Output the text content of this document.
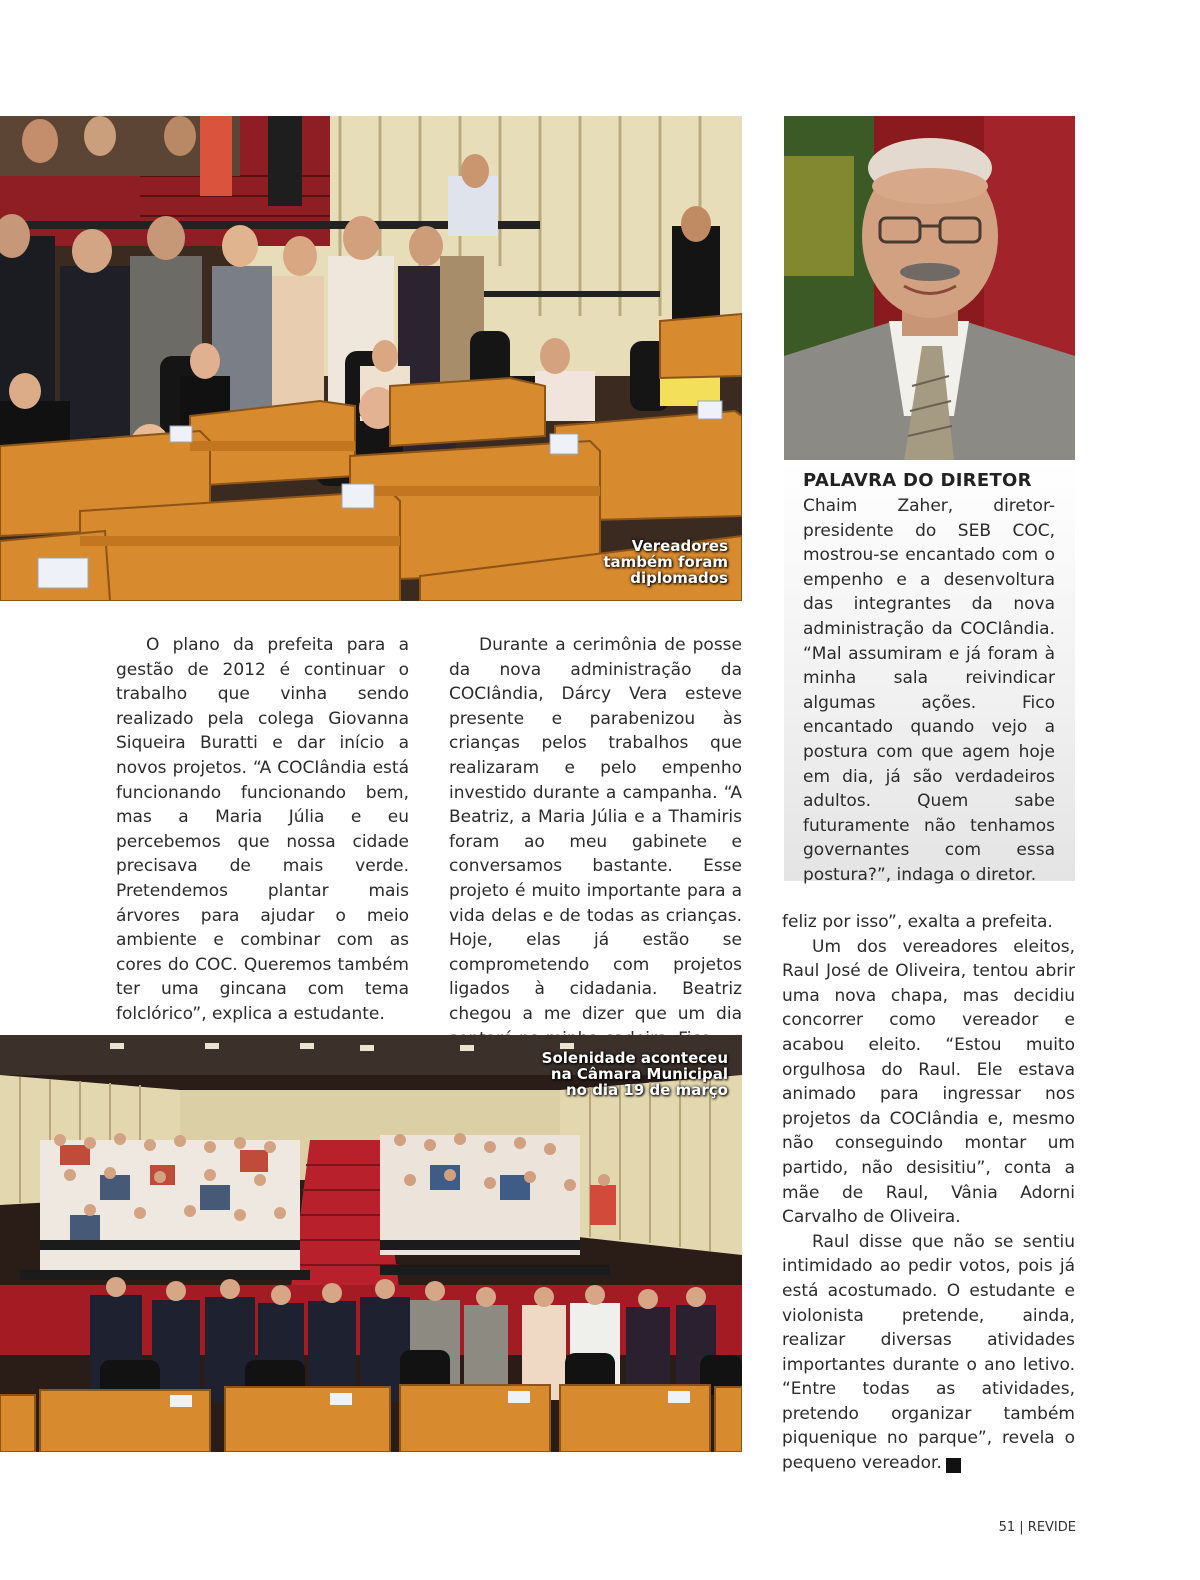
Vereadores
também foram
diplomados
PALAVRA DO DIRETOR
Chaim Zaher, diretor-presidente do SEB COC, mostrou-se encantado com o empenho e a desenvoltura das integrantes da nova administração da COCIândia. “Mal assumiram e já foram à minha sala reivindicar algumas ações. Fico encantado quando vejo a postura com que agem hoje em dia, já são verdadeiros adultos. Quem sabe futuramente não tenhamos governantes com essa postura?”, indaga o diretor.

O plano da prefeita para a gestão de 2012 é continuar o trabalho que vinha sendo realizado pela colega Giovanna Siqueira Buratti e dar início a novos projetos. “A COCIândia está funcionando funcionando bem, mas a Maria Júlia e eu percebemos que nossa cidade precisava de mais verde. Pretendemos plantar mais árvores para ajudar o meio ambiente e combinar com as cores do COC. Queremos também ter uma gincana com tema folclórico”, explica a estudante.

Durante a cerimônia de posse da nova administração da COCIândia, Dárcy Vera esteve presente e parabenizou às crianças pelos trabalhos que realizaram e pelo empenho investido durante a campanha. “A Beatriz, a Maria Júlia e a Thamiris foram ao meu gabinete e conversamos bastante. Esse projeto é muito importante para a vida delas e de todas as crianças. Hoje, elas já estão se comprometendo com projetos ligados à cidadania. Beatriz chegou a me dizer que um dia

feliz por isso”, exalta a prefeita.

Um dos vereadores eleitos, Raul José de Oliveira, tentou abrir uma nova chapa, mas decidiu concorrer como vereador e acabou eleito. “Estou muito orgulhosa do Raul. Ele estava animado para ingressar nos projetos da COCIândia e, mesmo não conseguindo montar um partido, não desisitiu”, conta a mãe de Raul, Vânia Adorni Carvalho de Oliveira.

Raul disse que não se sentiu intimidado ao pedir votos, pois já está acostumado. O estudante e violonista pretende, ainda, realizar diversas atividades importantes durante o ano letivo. “Entre todas as atividades, pretendo organizar também piquenique no parque”, revela o pequeno vereador.	r

Solenidade aconteceu
na Câmara Municipal
no dia 19 de março
51 | REVIDE
